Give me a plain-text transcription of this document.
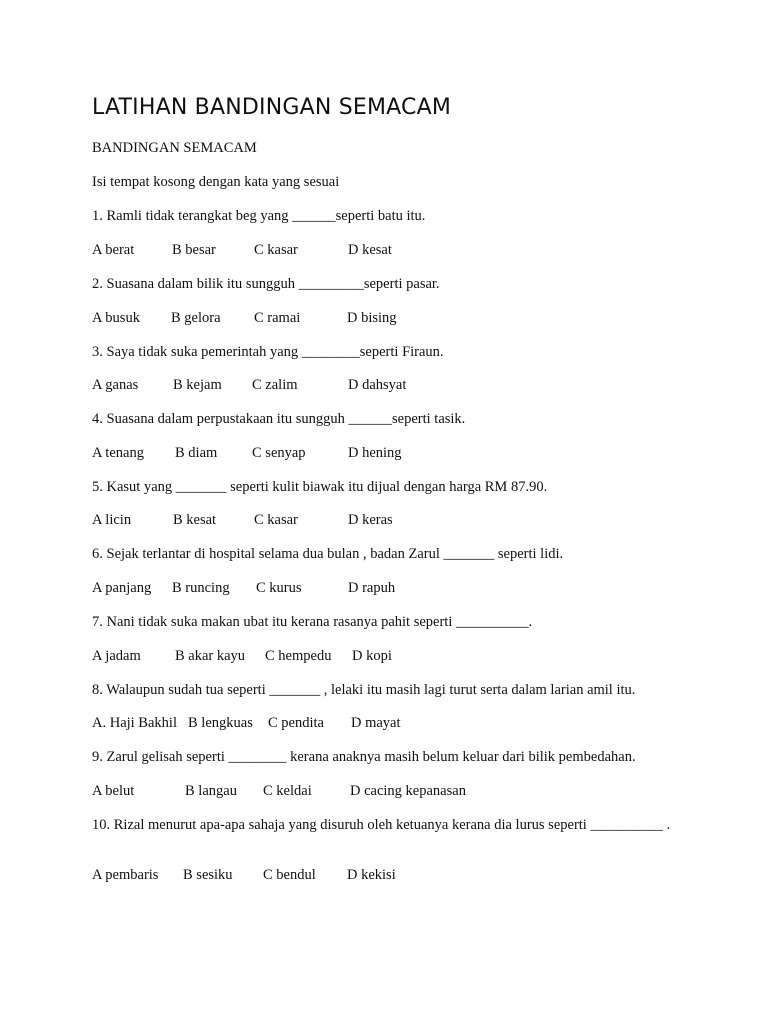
LATIHAN BANDINGAN SEMACAM
BANDINGAN SEMACAM
Isi tempat kosong dengan kata yang sesuai
1. Ramli tidak terangkat beg yang ______seperti batu itu.
A berat	B besar	C kasar	D kesat
2. Suasana dalam bilik itu sungguh _________seperti pasar.
A busuk B gelora C ramai	D bising
3. Saya tidak suka pemerintah yang ________seperti Firaun.
A ganas B kejam C zalim	D dahsyat
4. Suasana dalam perpustakaan itu sungguh ______seperti tasik.
A tenang B diam C senyap	D hening
5. Kasut yang _______ seperti kulit biawak itu dijual dengan harga RM 87.90.
A licin	B kesat	C kasar	D keras
6. Sejak terlantar di hospital selama dua bulan , badan Zarul _______ seperti lidi.
A panjang B runcing C kurus	D rapuh
7. Nani tidak suka makan ubat itu kerana rasanya pahit seperti __________.
A jadam B akar kayu C hempedu D kopi
8. Walaupun sudah tua seperti _______ , lelaki itu masih lagi turut serta dalam larian amil itu.
A. Haji Bakhil B lengkuas C pendita D mayat
9. Zarul gelisah seperti ________ kerana anaknya masih belum keluar dari bilik pembedahan.
A belut	B langau C keldai	D cacing kepanasan
10. Rizal menurut apa-apa sahaja yang disuruh oleh ketuanya kerana dia lurus seperti __________ .
A pembaris B sesiku C bendul D kekisi
